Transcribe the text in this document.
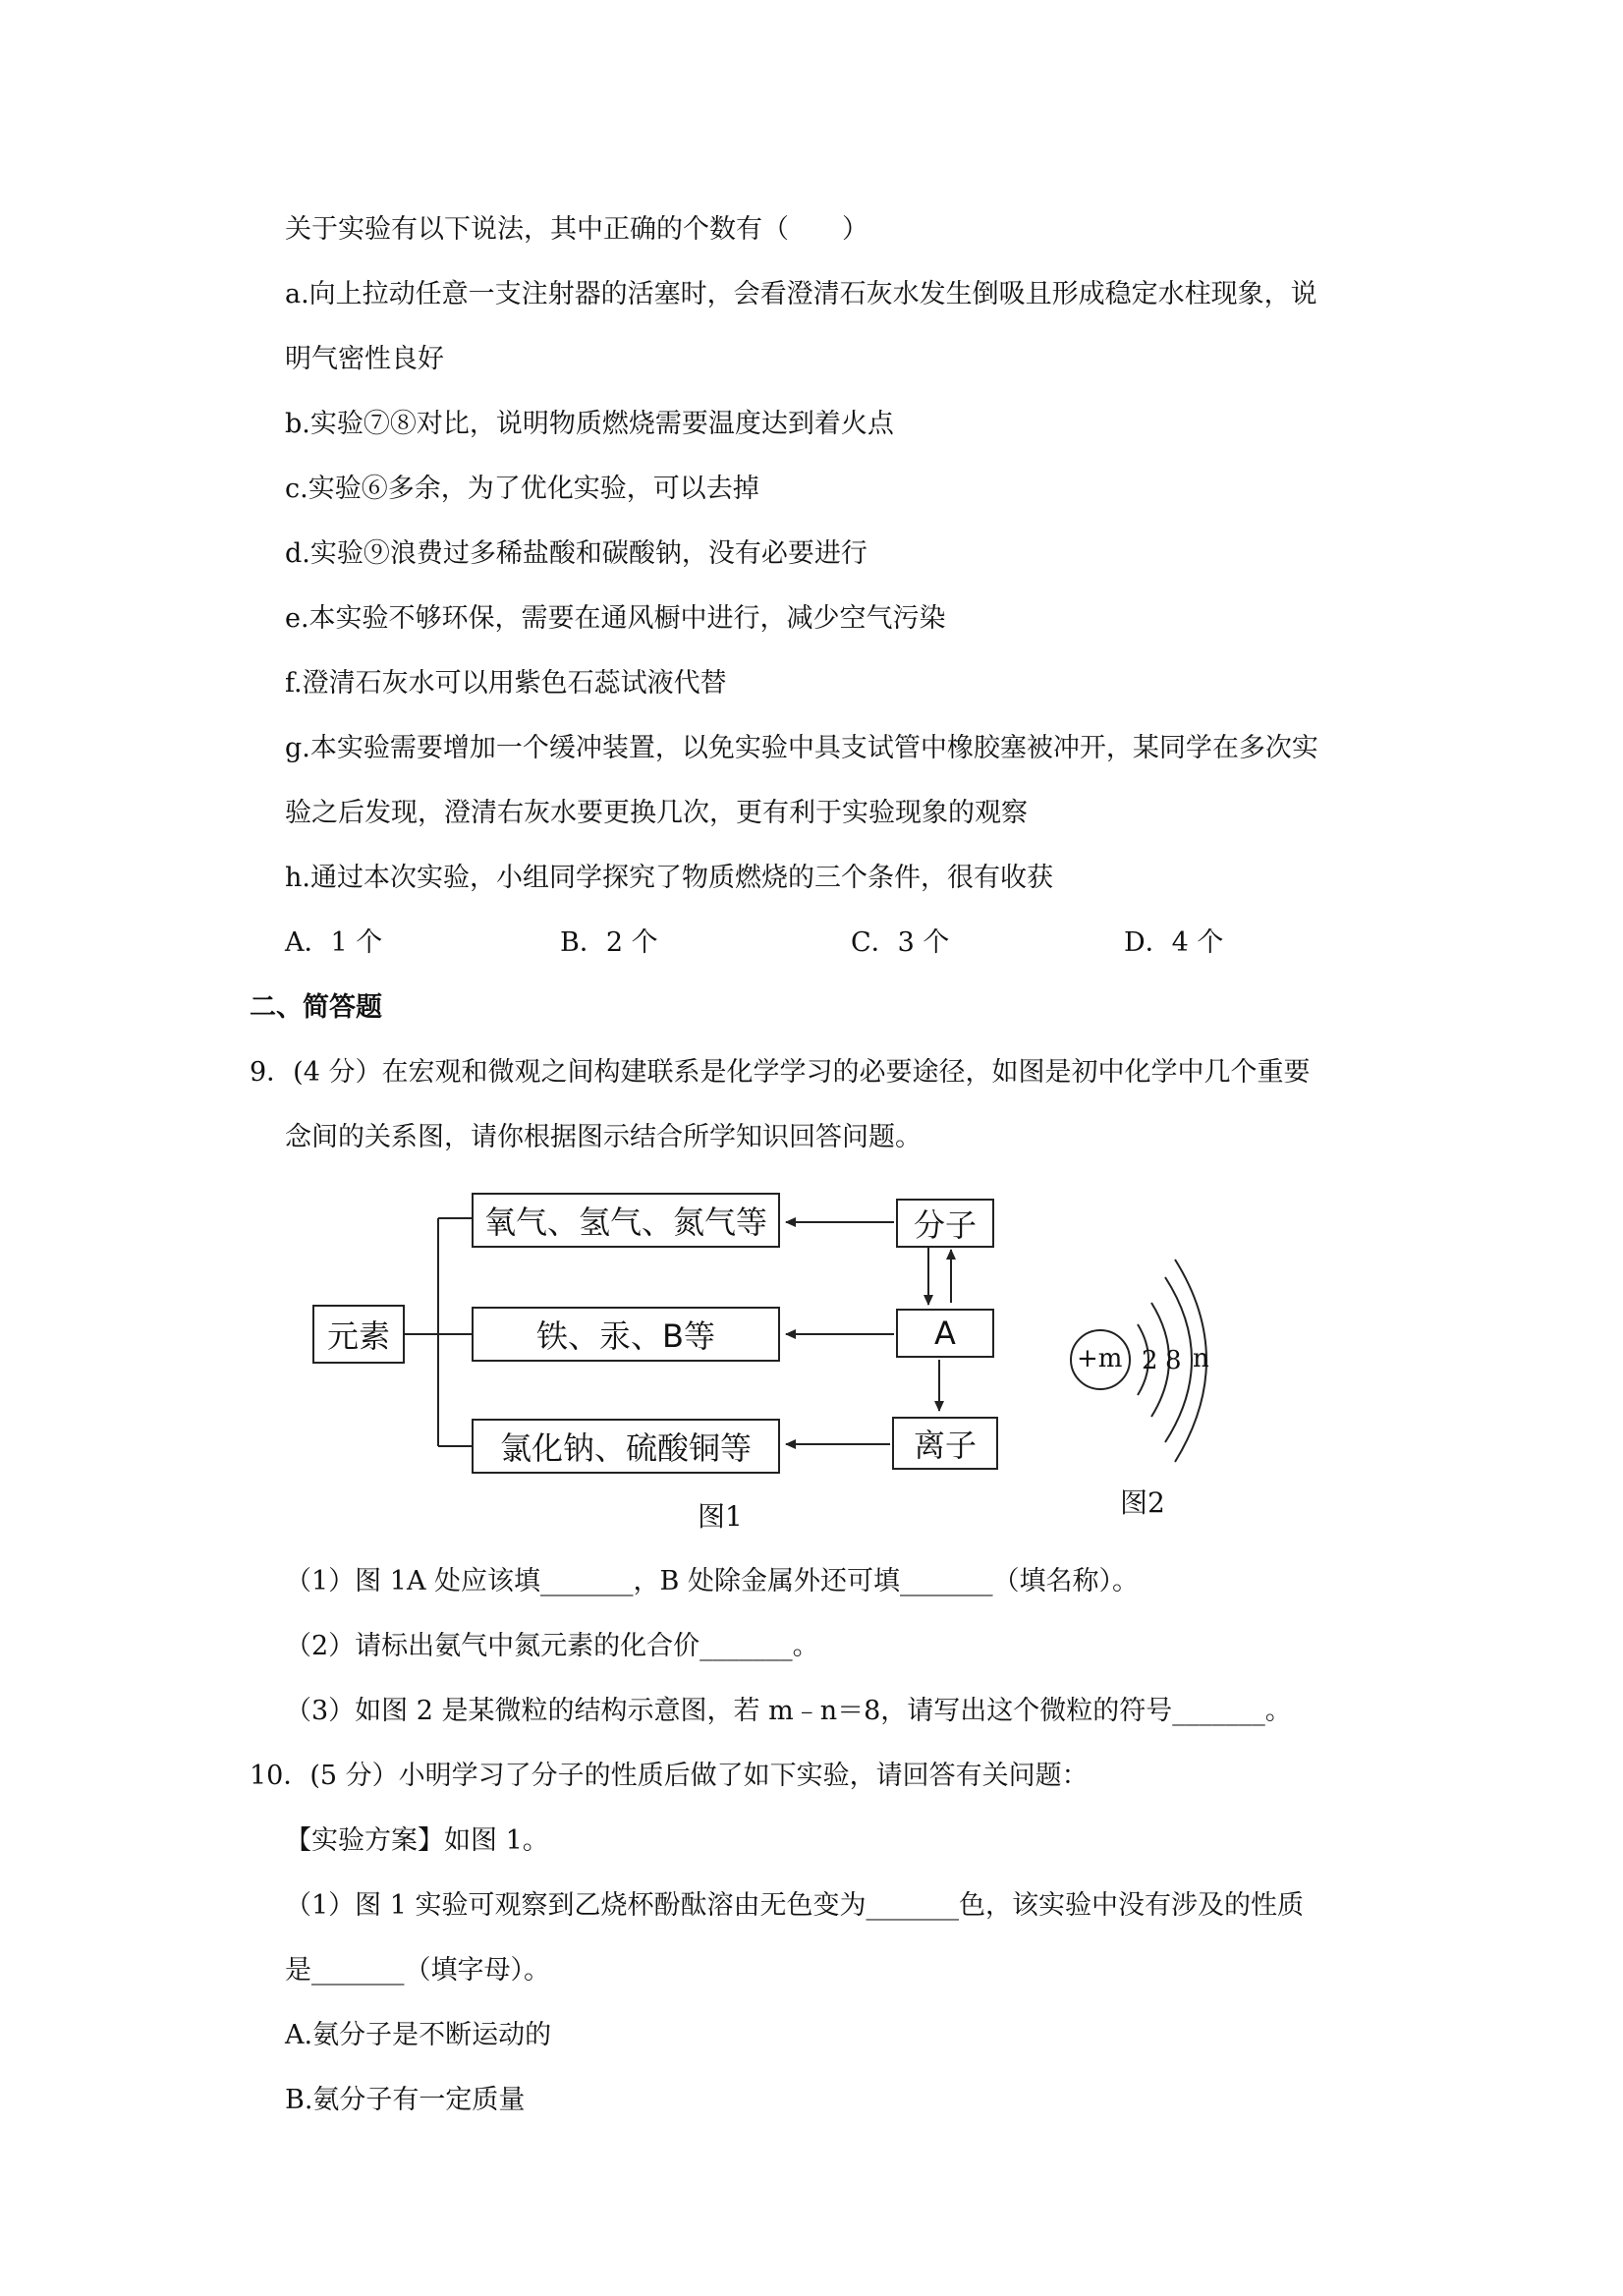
关于实验有以下说法，其中正确的个数有（　　）
a.向上拉动任意一支注射器的活塞时，会看澄清石灰水发生倒吸且形成稳定水柱现象，说
明气密性良好
b.实验⑦⑧对比，说明物质燃烧需要温度达到着火点
c.实验⑥多余，为了优化实验，可以去掉
d.实验⑨浪费过多稀盐酸和碳酸钠，没有必要进行
e.本实验不够环保，需要在通风橱中进行，减少空气污染
f.澄清石灰水可以用紫色石蕊试液代替
g.本实验需要增加一个缓冲装置，以免实验中具支试管中橡胶塞被冲开，某同学在多次实
验之后发现，澄清右灰水要更换几次，更有利于实验现象的观察
h.通过本次实验，小组同学探究了物质燃烧的三个条件，很有收获
A．1 个	B．2 个	C．3 个	D．4 个
二、简答题
9．(4 分）在宏观和微观之间构建联系是化学学习的必要途径，如图是初中化学中几个重要
念间的关系图，请你根据图示结合所学知识回答问题。
元素
氧气、氢气、氮气等
铁、汞、B等
氯化钠、硫酸铜等
分子
A
离子
图1
+m 2 8 n
图2
（1）图 1A 处应该填_______，B 处除金属外还可填_______（填名称）。
（2）请标出氨气中氮元素的化合价_______。
（3）如图 2 是某微粒的结构示意图，若 m﹣n＝8，请写出这个微粒的符号_______。
10．(5 分）小明学习了分子的性质后做了如下实验，请回答有关问题：
【实验方案】如图 1。
（1）图 1 实验可观察到乙烧杯酚酞溶由无色变为_______色，该实验中没有涉及的性质
是_______（填字母）。
A.氨分子是不断运动的
B.氨分子有一定质量
